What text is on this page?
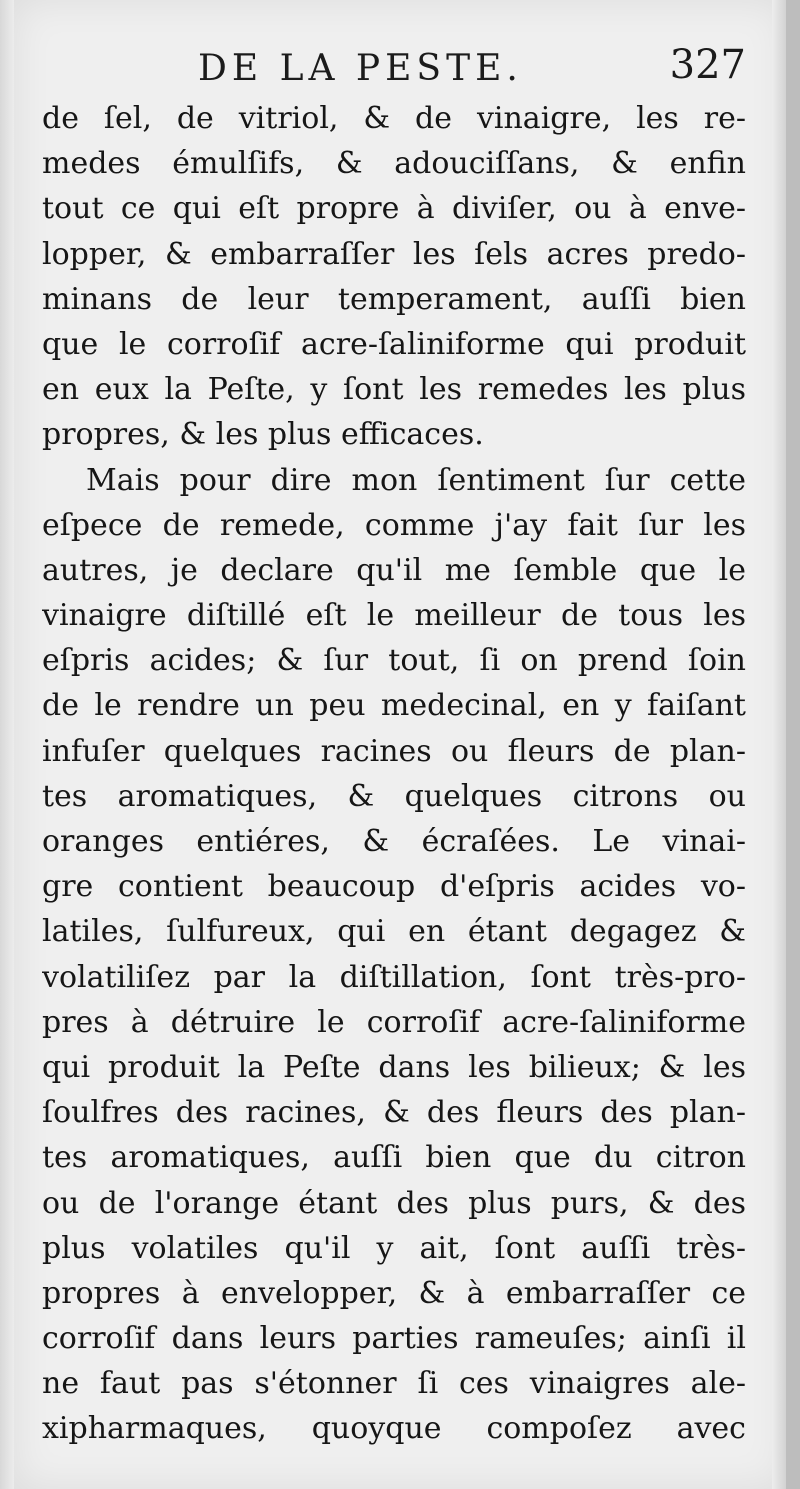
DE LA PESTE.	327
de ſel, de vitriol, & de vinaigre, les re-
medes émulſifs, & adouciſſans, & enfin
tout ce qui eſt propre à diviſer, ou à enve-
lopper, & embarraſſer les ſels acres predo-
minans de leur temperament, auſſi bien
que le corroſif acre-ſaliniforme qui produit
en eux la Peſte, y ſont les remedes les plus
propres, & les plus efficaces.
Mais pour dire mon ſentiment ſur cette
eſpece de remede, comme j'ay fait ſur les
autres, je declare qu'il me ſemble que le
vinaigre diſtillé eſt le meilleur de tous les
eſpris acides; & ſur tout, ſi on prend ſoin
de le rendre un peu medecinal, en y faiſant
infuſer quelques racines ou fleurs de plan-
tes aromatiques, & quelques citrons ou
oranges entiéres, & écraſées. Le vinai-
gre contient beaucoup d'eſpris acides vo-
latiles, ſulfureux, qui en étant degagez &
volatiliſez par la diſtillation, ſont très-pro-
pres à détruire le corroſif acre-ſaliniforme
qui produit la Peſte dans les bilieux; & les
ſoulfres des racines, & des fleurs des plan-
tes aromatiques, auſſi bien que du citron
ou de l'orange étant des plus purs, & des
plus volatiles qu'il y ait, ſont auſſi très-
propres à envelopper, & à embarraſſer ce
corroſif dans leurs parties rameuſes; ainſi il
ne faut pas s'étonner ſi ces vinaigres ale-
xipharmaques, quoyque compoſez avec
